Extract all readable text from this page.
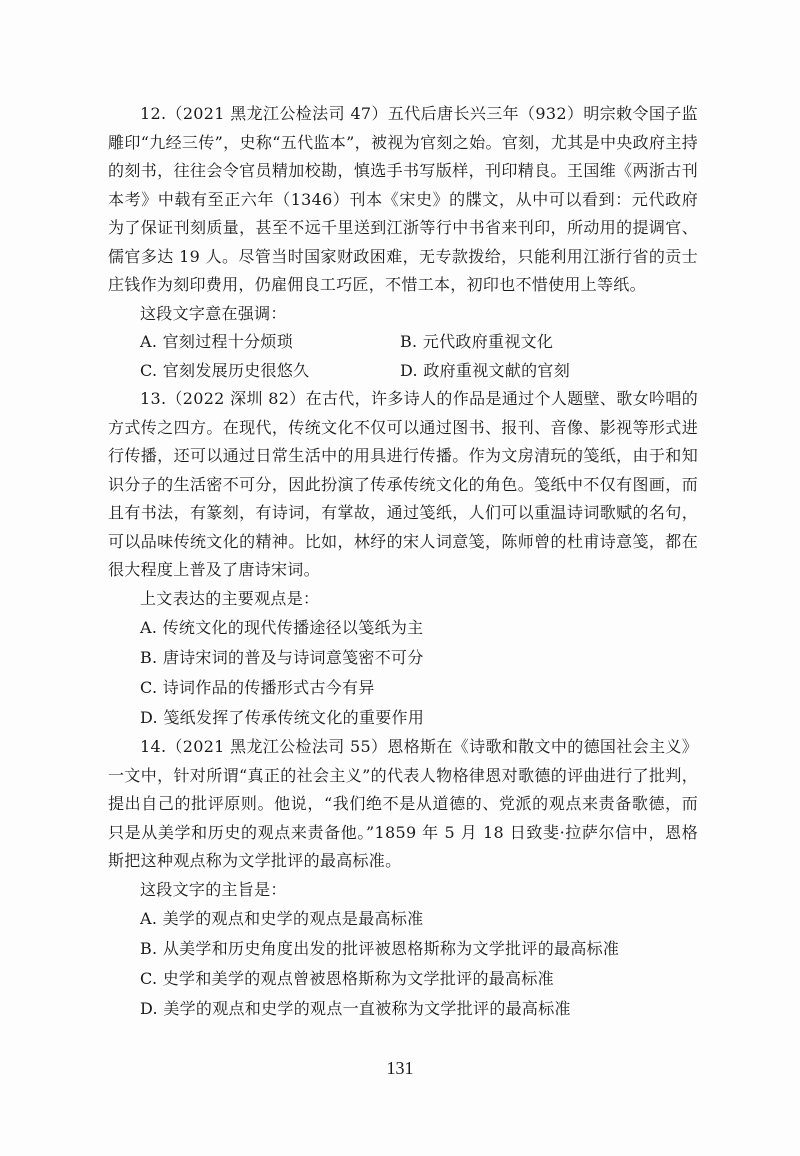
12.（2021 黑龙江公检法司 47）五代后唐长兴三年（932）明宗敕令国子监雕印“九经三传”，史称“五代监本”，被视为官刻之始。官刻，尤其是中央政府主持的刻书，往往会令官员精加校勘，慎选手书写版样，刊印精良。王国维《两浙古刊本考》中载有至正六年（1346）刊本《宋史》的牒文，从中可以看到：元代政府为了保证刊刻质量，甚至不远千里送到江浙等行中书省来刊印，所动用的提调官、儒官多达 19 人。尽管当时国家财政困难，无专款拨给，只能利用江浙行省的贡士庄钱作为刻印费用，仍雇佣良工巧匠，不惜工本，初印也不惜使用上等纸。

这段文字意在强调：

A. 官刻过程十分烦琐	B. 元代政府重视文化
C. 官刻发展历史很悠久	D. 政府重视文献的官刻

13.（2022 深圳 82）在古代，许多诗人的作品是通过个人题壁、歌女吟唱的方式传之四方。在现代，传统文化不仅可以通过图书、报刊、音像、影视等形式进行传播，还可以通过日常生活中的用具进行传播。作为文房清玩的笺纸，由于和知识分子的生活密不可分，因此扮演了传承传统文化的角色。笺纸中不仅有图画，而且有书法，有篆刻，有诗词，有掌故，通过笺纸，人们可以重温诗词歌赋的名句，可以品味传统文化的精神。比如，林纾的宋人词意笺，陈师曾的杜甫诗意笺，都在很大程度上普及了唐诗宋词。

上文表达的主要观点是：

A. 传统文化的现代传播途径以笺纸为主
B. 唐诗宋词的普及与诗词意笺密不可分
C. 诗词作品的传播形式古今有异
D. 笺纸发挥了传承传统文化的重要作用

14.（2021 黑龙江公检法司 55）恩格斯在《诗歌和散文中的德国社会主义》一文中，针对所谓“真正的社会主义”的代表人物格律恩对歌德的评曲进行了批判，提出自己的批评原则。他说，“我们绝不是从道德的、党派的观点来责备歌德，而只是从美学和历史的观点来责备他。”1859 年 5 月 18 日致斐·拉萨尔信中，恩格斯把这种观点称为文学批评的最高标准。

这段文字的主旨是：

A. 美学的观点和史学的观点是最高标准
B. 从美学和历史角度出发的批评被恩格斯称为文学批评的最高标准
C. 史学和美学的观点曾被恩格斯称为文学批评的最高标准
D. 美学的观点和史学的观点一直被称为文学批评的最高标准
131
